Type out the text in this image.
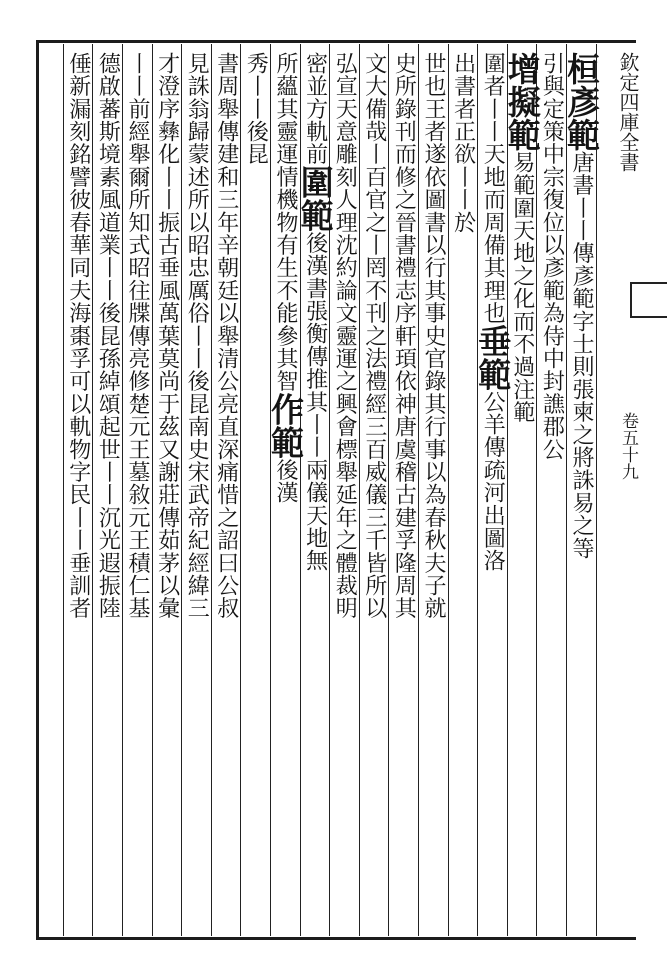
欽定四庫全書
卷五十九
桓彥範唐書丨丨傳彥範字士則張柬之將誅易之等
引與定策中宗復位以彥範為侍中封譙郡公
增擬範易範圍天地之化而不過注範
圍者丨丨天地而周備其理也垂範公羊傳疏河出圖洛
出書者正欲丨丨於
世也王者遂依圖書以行其事史官錄其行事以為春秋夫子就
史所錄刊而修之晉書禮志序軒頊依神唐虞稽古建孚隆周其
文大備哉丨百官之丨罔不刊之法禮經三百威儀三千皆所以
弘宣天意雕刻人理沈約論文靈運之興會標舉延年之體裁明
密並方軌前圍範後漢書張衡傳推其丨丨兩儀天地無
所蘊其靈運情機物有生不能參其智作範後漢
秀丨丨後昆
書周舉傳建和三年辛朝廷以舉清公亮直深痛惜之詔曰公叔
見誅翁歸蒙述所以昭忠厲俗丨丨後昆南史宋武帝紀經緯三
才澄序彝化丨丨振古垂風萬葉莫尚于茲又謝莊傳茹茅以彙
丨丨前經舉爾所知式昭往牒傳亮修楚元王墓敘元王積仁基
德啟蕃斯境素風道業丨丨後昆孫綽頌起世丨丨沉光遐振陸
倕新漏刻銘譬彼春華同夫海棗孚可以軌物字民丨丨垂訓者
